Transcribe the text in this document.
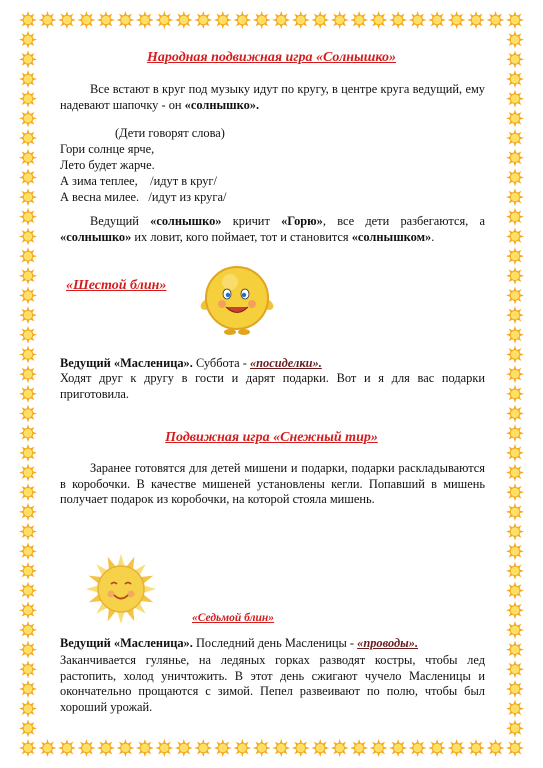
Народная подвижная игра «Солнышко»
Все встают в круг под музыку идут по кругу, в центре круга ведущий, ему надевают шапочку - он «солнышко».
(Дети говорят слова)
Гори солнце ярче,
Лето будет жарче.
А зима теплее,    /идут в круг/
А весна милее.   /идут из круга/
Ведущий «солнышко» кричит «Горю», все дети разбегаются, а «солнышко» их ловит, кого поймает, тот и становится «солнышком».
«Шестой блин»
Ведущий «Масленица». Суббота - «посиделки».
Ходят друг к другу в гости и дарят подарки. Вот и я для вас подарки приготовила.
Подвижная игра «Снежный тир»
Заранее готовятся для детей мишени и подарки, подарки раскладываются в коробочки. В качестве мишеней установлены кегли. Попавший в мишень получает подарок из коробочки, на которой стояла мишень.
«Седьмой блин»
Ведущий «Масленица». Последний день Масленицы - «проводы».
Заканчивается гулянье, на ледяных горках разводят костры, чтобы лед растопить, холод уничтожить. В этот день сжигают чучело Масленицы и окончательно прощаются с зимой. Пепел развеивают по полю, чтобы был хороший урожай.
